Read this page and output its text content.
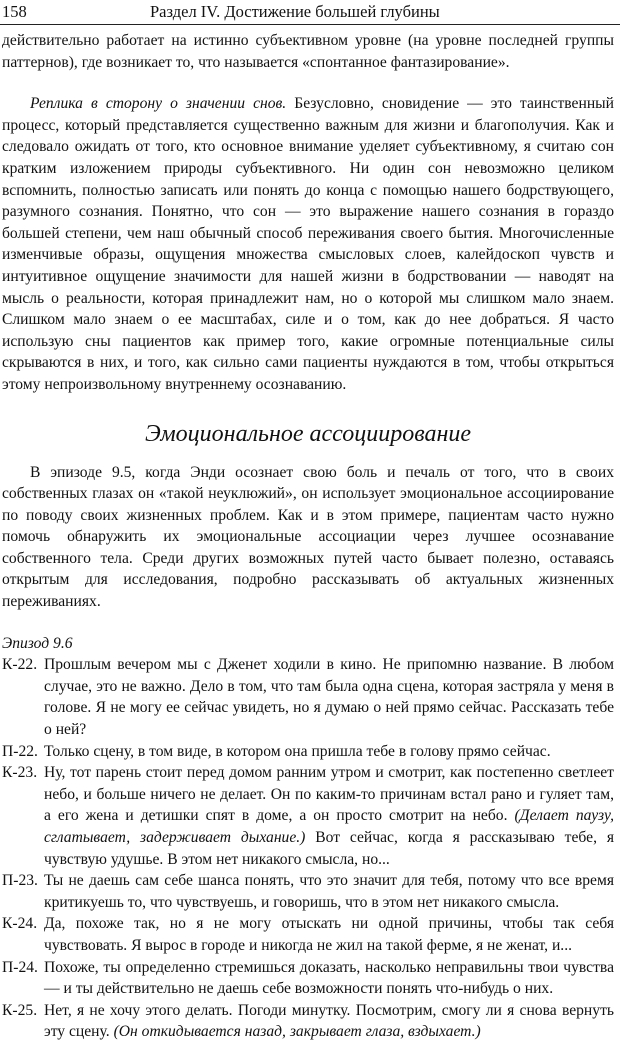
158	Раздел IV. Достижение большей глубины

действительно работает на истинно субъективном уровне (на уровне последней группы паттернов), где возникает то, что называется «спонтанное фантазирование».

Реплика в сторону о значении снов. Безусловно, сновидение — это таинственный процесс, который представляется существенно важным для жизни и благополучия. Как и следовало ожидать от того, кто основное внимание уделяет субъективному, я считаю сон кратким изложением природы субъективного. Ни один сон невозможно целиком вспомнить, полностью записать или понять до конца с помощью нашего бодрствующего, разумного сознания. Понятно, что сон — это выражение нашего сознания в гораздо большей степени, чем наш обычный способ переживания своего бытия. Многочисленные изменчивые образы, ощущения множества смысловых слоев, калейдоскоп чувств и интуитивное ощущение значимости для нашей жизни в бодрствовании — наводят на мысль о реальности, которая принадлежит нам, но о которой мы слишком мало знаем. Слишком мало знаем о ее масштабах, силе и о том, как до нее добраться. Я часто использую сны пациентов как пример того, какие огромные потенциальные силы скрываются в них, и того, как сильно сами пациенты нуждаются в том, чтобы открыться этому непроизвольному внутреннему осознаванию.

Эмоциональное ассоциирование

В эпизоде 9.5, когда Энди осознает свою боль и печаль от того, что в своих собственных глазах он «такой неуклюжий», он использует эмоциональное ассоциирование по поводу своих жизненных проблем. Как и в этом примере, пациентам часто нужно помочь обнаружить их эмоциональные ассоциации через лучшее осознавание собственного тела. Среди других возможных путей часто бывает полезно, оставаясь открытым для исследования, подробно рассказывать об актуальных жизненных переживаниях.

Эпизод 9.6

К-22. Прошлым вечером мы с Дженет ходили в кино. Не припомню название. В любом случае, это не важно. Дело в том, что там была одна сцена, которая застряла у меня в голове. Я не могу ее сейчас увидеть, но я думаю о ней прямо сейчас. Рассказать тебе о ней?
П-22. Только сцену, в том виде, в котором она пришла тебе в голову прямо сейчас.
К-23. Ну, тот парень стоит перед домом ранним утром и смотрит, как постепенно светлеет небо, и больше ничего не делает. Он по каким-то причинам встал рано и гуляет там, а его жена и детишки спят в доме, а он просто смотрит на небо. (Делает паузу, сглатывает, задерживает дыхание.) Вот сейчас, когда я рассказываю тебе, я чувствую удушье. В этом нет никакого смысла, но...
П-23. Ты не даешь сам себе шанса понять, что это значит для тебя, потому что все время критикуешь то, что чувствуешь, и говоришь, что в этом нет никакого смысла.
К-24. Да, похоже так, но я не могу отыскать ни одной причины, чтобы так себя чувствовать. Я вырос в городе и никогда не жил на такой ферме, я не женат, и...
П-24. Похоже, ты определенно стремишься доказать, насколько неправильны твои чувства — и ты действительно не даешь себе возможности понять что-нибудь о них.
К-25. Нет, я не хочу этого делать. Погоди минутку. Посмотрим, смогу ли я снова вернуть эту сцену. (Он откидывается назад, закрывает глаза, вздыхает.)
